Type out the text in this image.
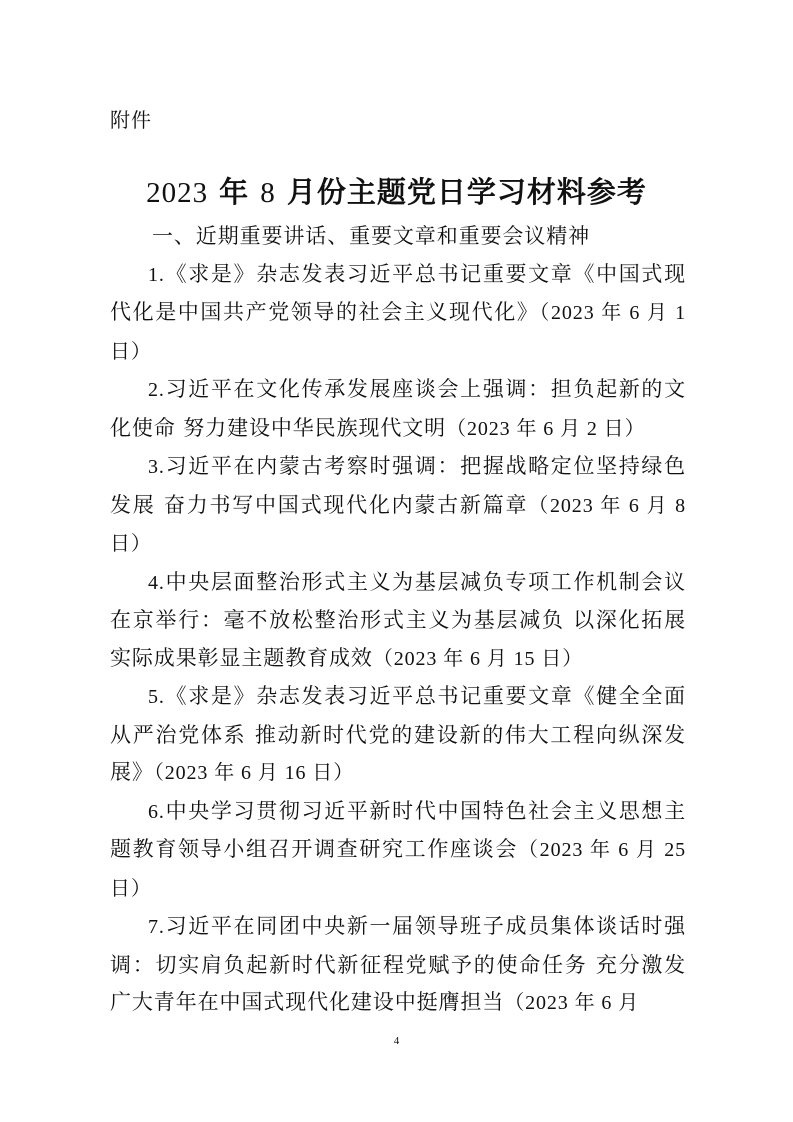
附件
2023 年 8 月份主题党日学习材料参考

一、近期重要讲话、重要文章和重要会议精神

1.《求是》杂志发表习近平总书记重要文章《中国式现代化是中国共产党领导的社会主义现代化》（2023 年 6 月 1 日）

2.习近平在文化传承发展座谈会上强调：担负起新的文化使命 努力建设中华民族现代文明（2023 年 6 月 2 日）

3.习近平在内蒙古考察时强调：把握战略定位坚持绿色发展 奋力书写中国式现代化内蒙古新篇章（2023 年 6 月 8 日）

4.中央层面整治形式主义为基层减负专项工作机制会议在京举行：毫不放松整治形式主义为基层减负 以深化拓展实际成果彰显主题教育成效（2023 年 6 月 15 日）

5.《求是》杂志发表习近平总书记重要文章《健全全面从严治党体系 推动新时代党的建设新的伟大工程向纵深发展》（2023 年 6 月 16 日）

6.中央学习贯彻习近平新时代中国特色社会主义思想主题教育领导小组召开调查研究工作座谈会（2023 年 6 月 25 日）

7.习近平在同团中央新一届领导班子成员集体谈话时强调：切实肩负起新时代新征程党赋予的使命任务 充分激发广大青年在中国式现代化建设中挺膺担当（2023 年 6 月

4
